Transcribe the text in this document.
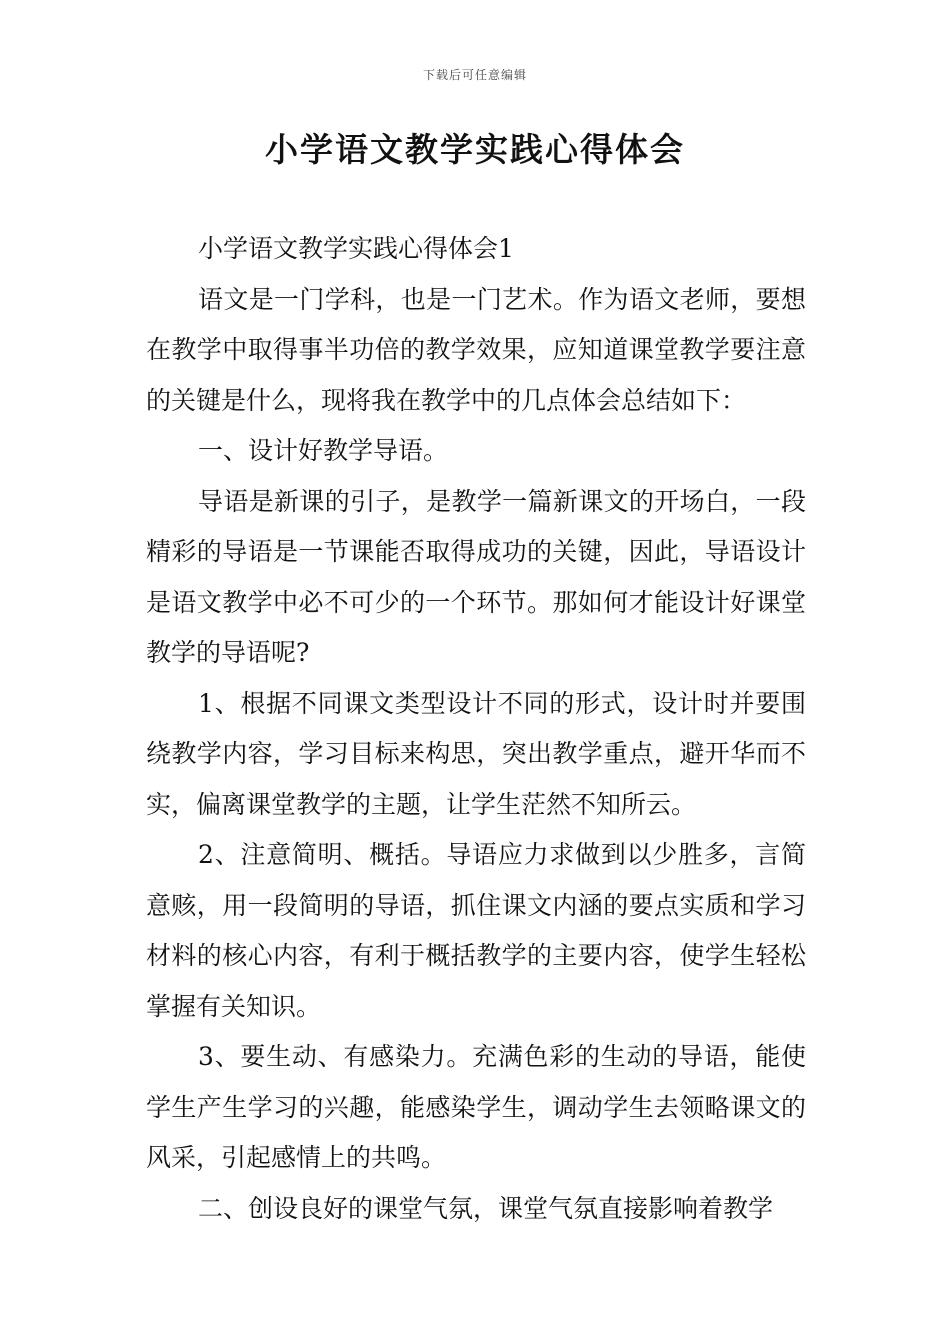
下载后可任意编辑
小学语文教学实践心得体会

小学语文教学实践心得体会1

语文是一门学科，也是一门艺术。作为语文老师，要想在教学中取得事半功倍的教学效果，应知道课堂教学要注意的关键是什么，现将我在教学中的几点体会总结如下：

一、设计好教学导语。

导语是新课的引子，是教学一篇新课文的开场白，一段精彩的导语是一节课能否取得成功的关键，因此，导语设计是语文教学中必不可少的一个环节。那如何才能设计好课堂教学的导语呢?

1、根据不同课文类型设计不同的形式，设计时并要围绕教学内容，学习目标来构思，突出教学重点，避开华而不实，偏离课堂教学的主题，让学生茫然不知所云。

2、注意简明、概括。导语应力求做到以少胜多，言简意赅，用一段简明的导语，抓住课文内涵的要点实质和学习材料的核心内容，有利于概括教学的主要内容，使学生轻松掌握有关知识。

3、要生动、有感染力。充满色彩的生动的导语，能使学生产生学习的兴趣，能感染学生，调动学生去领略课文的风采，引起感情上的共鸣。

二、创设良好的课堂气氛，课堂气氛直接影响着教学
